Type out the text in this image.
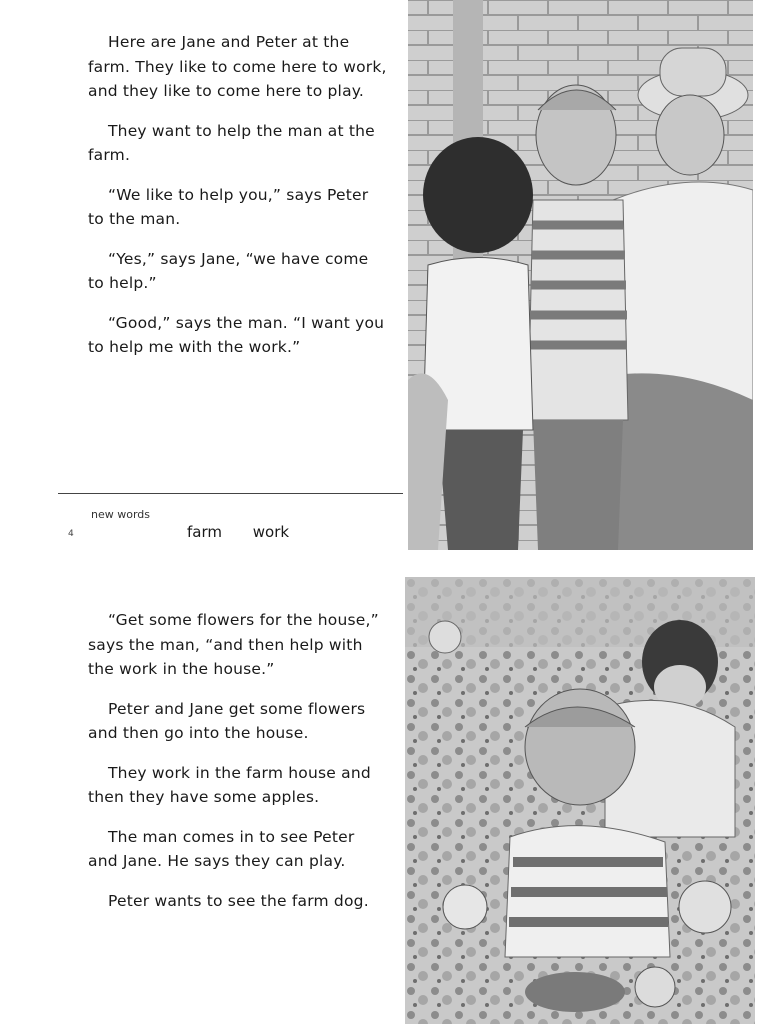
Here are Jane and Peter at the farm. They like to come here to work, and they like to come here to play.

They want to help the man at the farm.

“We like to help you,” says Peter to the man.

“Yes,” says Jane, “we have come to help.”

“Good,” says the man. “I want you to help me with the work.”

new words
4	farm work

“Get some flowers for the house,” says the man, “and then help with the work in the house.”

Peter and Jane get some flowers and then go into the house.

They work in the farm house and then they have some apples.

The man comes in to see Peter and Jane. He says they can play.

Peter wants to see the farm dog.
